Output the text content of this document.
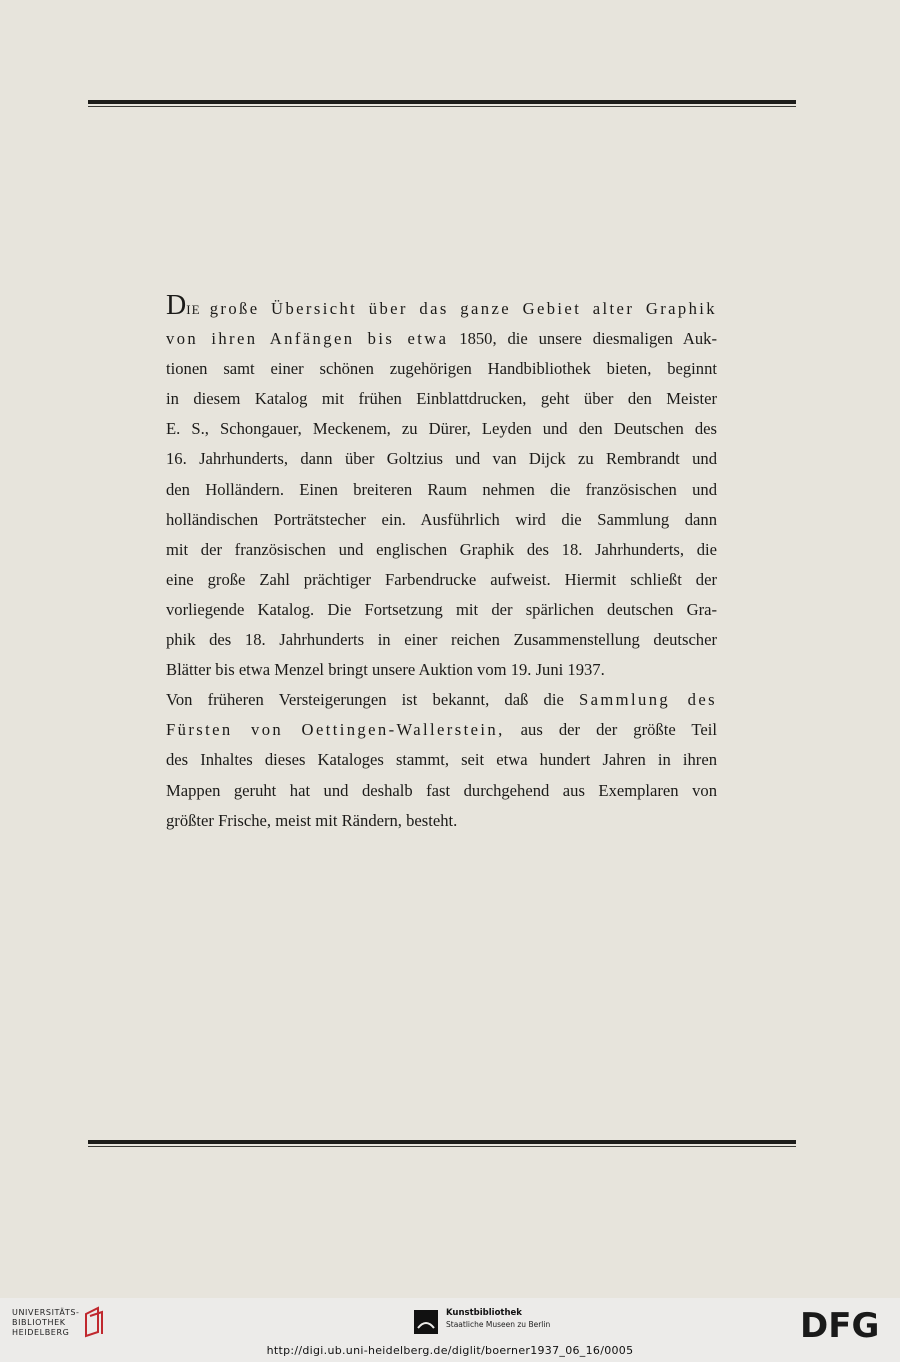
DIE große Übersicht über das ganze Gebiet alter Graphik
von ihren Anfängen bis etwa 1850, die unsere diesmaligen Auk-
tionen samt einer schönen zugehörigen Handbibliothek bieten, beginnt
in diesem Katalog mit frühen Einblattdrucken, geht über den Meister
E. S., Schongauer, Meckenem, zu Dürer, Leyden und den Deutschen des
16. Jahrhunderts, dann über Goltzius und van Dijck zu Rembrandt und
den Holländern. Einen breiteren Raum nehmen die französischen und
holländischen Porträtstecher ein. Ausführlich wird die Sammlung dann
mit der französischen und englischen Graphik des 18. Jahrhunderts, die
eine große Zahl prächtiger Farbendrucke aufweist. Hiermit schließt der
vorliegende Katalog. Die Fortsetzung mit der spärlichen deutschen Gra-
phik des 18. Jahrhunderts in einer reichen Zusammenstellung deutscher
Blätter bis etwa Menzel bringt unsere Auktion vom 19. Juni 1937.
Von früheren Versteigerungen ist bekannt, daß die Sammlung des
Fürsten von Oettingen-Wallerstein, aus der der größte Teil
des Inhaltes dieses Kataloges stammt, seit etwa hundert Jahren in ihren
Mappen geruht hat und deshalb fast durchgehend aus Exemplaren von
größter Frische, meist mit Rändern, besteht.
UNIVERSITÄTS-
BIBLIOTHEK
HEIDELBERG
Kunstbibliothek
Staatliche Museen zu Berlin	DFG
http://digi.ub.uni-heidelberg.de/diglit/boerner1937_06_16/0005
